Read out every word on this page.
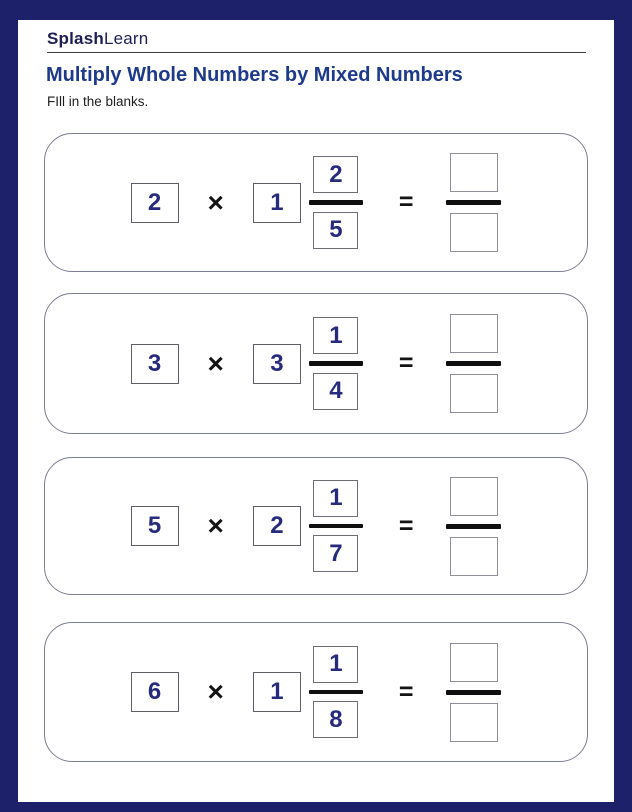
SplashLearn
Multiply Whole Numbers by Mixed Numbers
FIll in the blanks.
2	×	1	$\frac{2}{5}$ =
3	×	3	$\frac{1}{4}$ =
5	×	2	$\frac{1}{7}$ =
6	×	1	$\frac{1}{8}$ =
